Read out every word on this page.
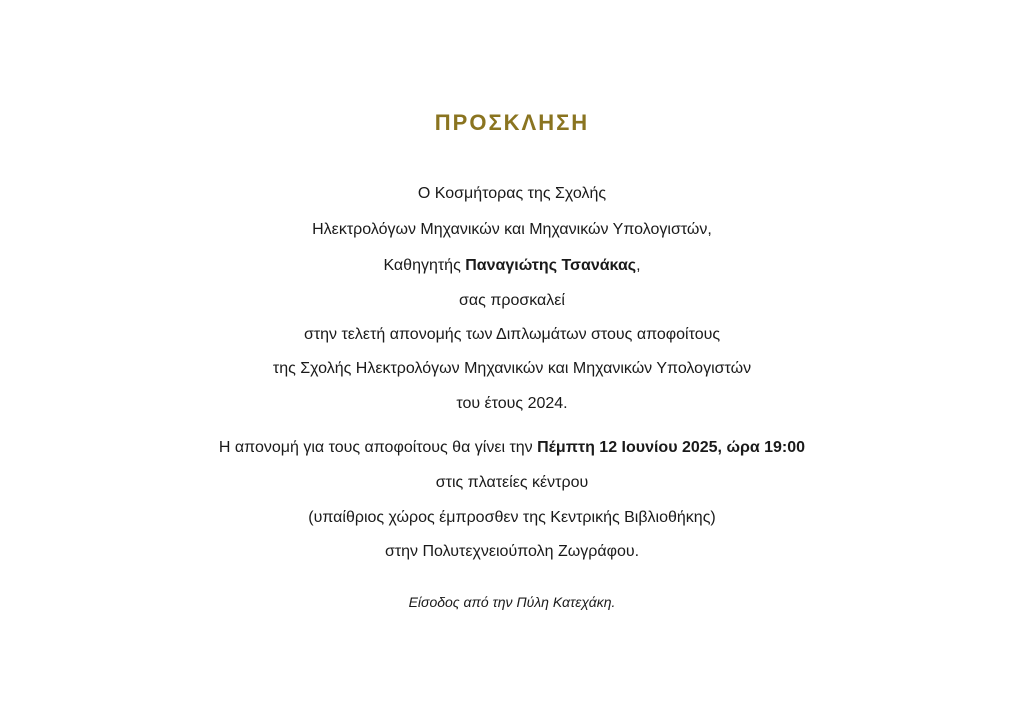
ΠΡΟΣΚΛΗΣΗ
Ο Κοσμήτορας της Σχολής
Ηλεκτρολόγων Μηχανικών και Μηχανικών Υπολογιστών,
Καθηγητής Παναγιώτης Τσανάκας,
σας προσκαλεί
στην τελετή απονομής των Διπλωμάτων στους αποφοίτους
της Σχολής Ηλεκτρολόγων Μηχανικών και Μηχανικών Υπολογιστών
του έτους 2024.
Η απονομή για τους αποφοίτους θα γίνει την Πέμπτη 12 Ιουνίου 2025, ώρα 19:00
στις πλατείες κέντρου
(υπαίθριος χώρος έμπροσθεν της Κεντρικής Βιβλιοθήκης)
στην Πολυτεχνειούπολη Ζωγράφου.
Είσοδος από την Πύλη Κατεχάκη.
